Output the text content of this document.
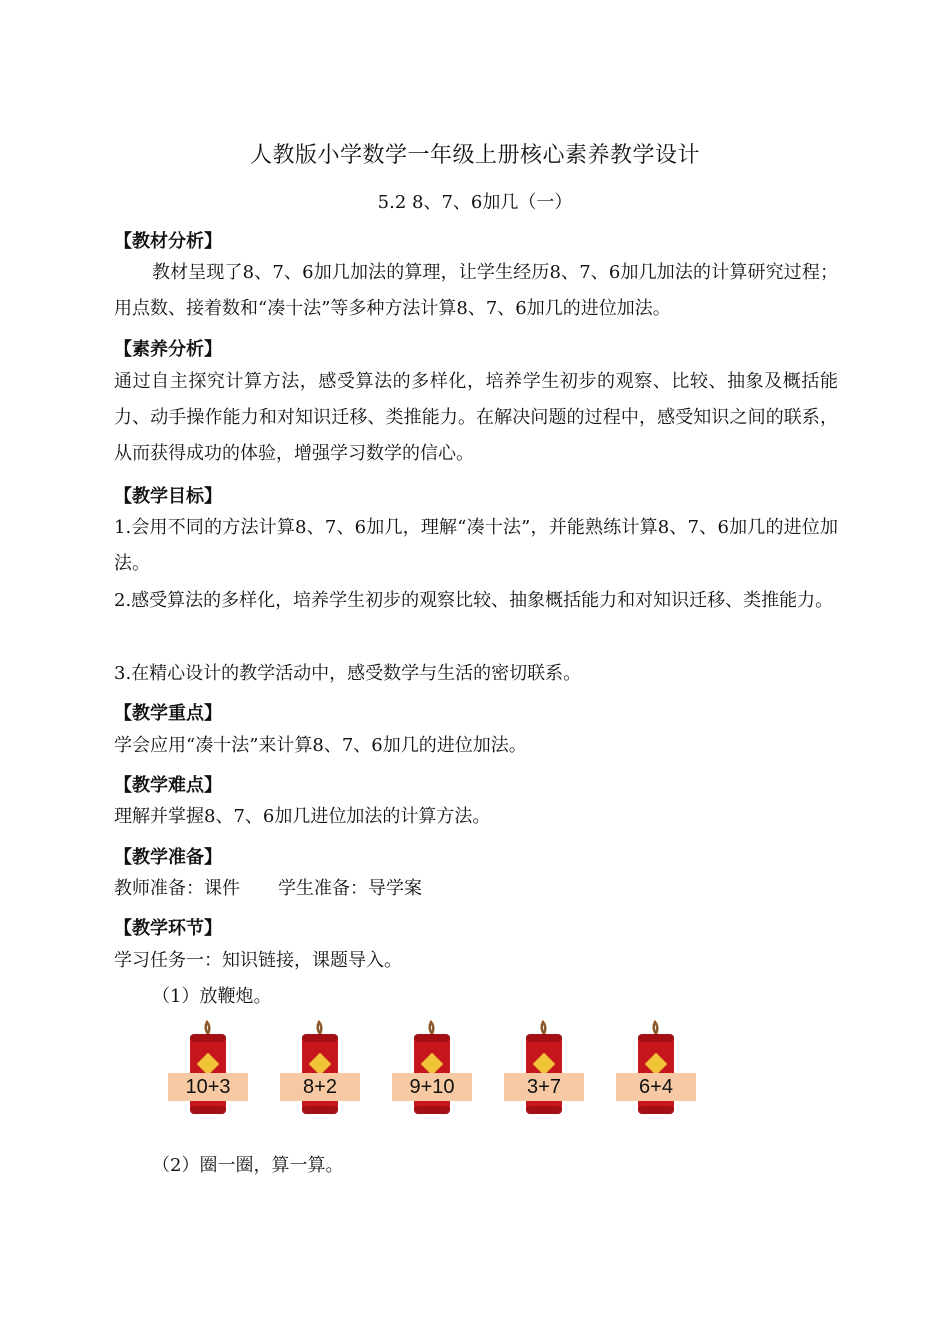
人教版小学数学一年级上册核心素养教学设计
5.2 8、7、6加几（一）
【教材分析】
教材呈现了8、7、6加几加法的算理，让学生经历8、7、6加几加法的计算研究过程；用点数、接着数和“凑十法”等多种方法计算8、7、6加几的进位加法。
【素养分析】
通过自主探究计算方法，感受算法的多样化，培养学生初步的观察、比较、抽象及概括能力、动手操作能力和对知识迁移、类推能力。在解决问题的过程中，感受知识之间的联系，从而获得成功的体验，增强学习数学的信心。
【教学目标】
1.会用不同的方法计算8、7、6加几，理解“凑十法”，并能熟练计算8、7、6加几的进位加法。
2.感受算法的多样化，培养学生初步的观察比较、抽象概括能力和对知识迁移、类推能力。
3.在精心设计的教学活动中，感受数学与生活的密切联系。
【教学重点】
学会应用“凑十法”来计算8、7、6加几的进位加法。
【教学难点】
理解并掌握8、7、6加几进位加法的计算方法。
【教学准备】
教师准备：课件 学生准备：导学案
【教学环节】
学习任务一：知识链接，课题导入。
（1）放鞭炮。
10+3	8+2	9+10	3+7	6+4
（2）圈一圈，算一算。
